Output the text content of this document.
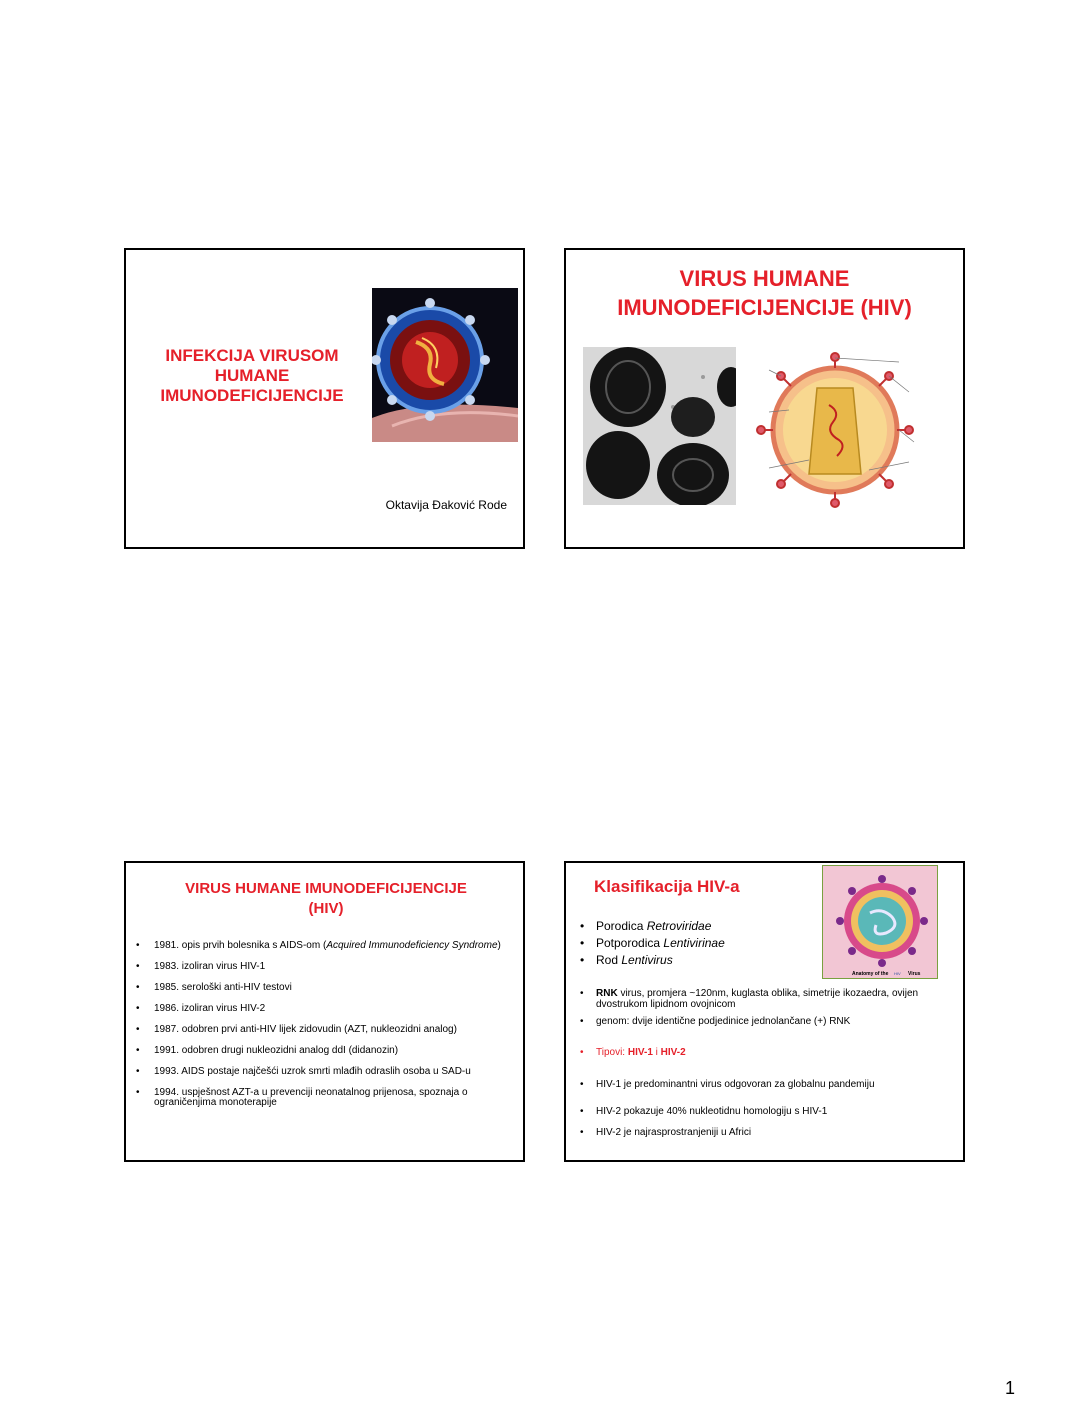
INFEKCIJA VIRUSOM
HUMANE
IMUNODEFICIJENCIJE
Oktavija Đaković Rode
VIRUS HUMANE
IMUNODEFICIJENCIJE (HIV)
VIRUS HUMANE IMUNODEFICIJENCIJE
(HIV)
• 1981. opis prvih bolesnika s AIDS-om (Acquired Immunodeficiency Syndrome)
• 1983. izoliran virus HIV-1
• 1985. serološki anti-HIV testovi
• 1986. izoliran virus HIV-2
• 1987. odobren prvi anti-HIV lijek zidovudin (AZT, nukleozidni analog)
• 1991. odobren drugi nukleozidni analog ddI (didanozin)
• 1993. AIDS postaje najčešći uzrok smrti mlađih odraslih osoba u SAD-u
• 1994. uspješnost AZT-a u prevenciji neonatalnog prijenosa, spoznaja o ograničenjima monoterapije
Klasifikacija HIV-a
Anatomy of the HIV Virus
• Porodica Retroviridae
• Potporodica Lentivirinae
• Rod Lentivirus
• RNK virus, promjera ~120nm, kuglasta oblika, simetrije ikozaedra, ovijen dvostrukom lipidnom ovojnicom
• genom: dvije identične podjedinice jednolančane (+) RNK
• Tipovi: HIV-1 i HIV-2
• HIV-1 je predominantni virus odgovoran za globalnu pandemiju
• HIV-2 pokazuje 40% nukleotidnu homologiju s HIV-1
• HIV-2 je najrasprostranjeniji u Africi
1
